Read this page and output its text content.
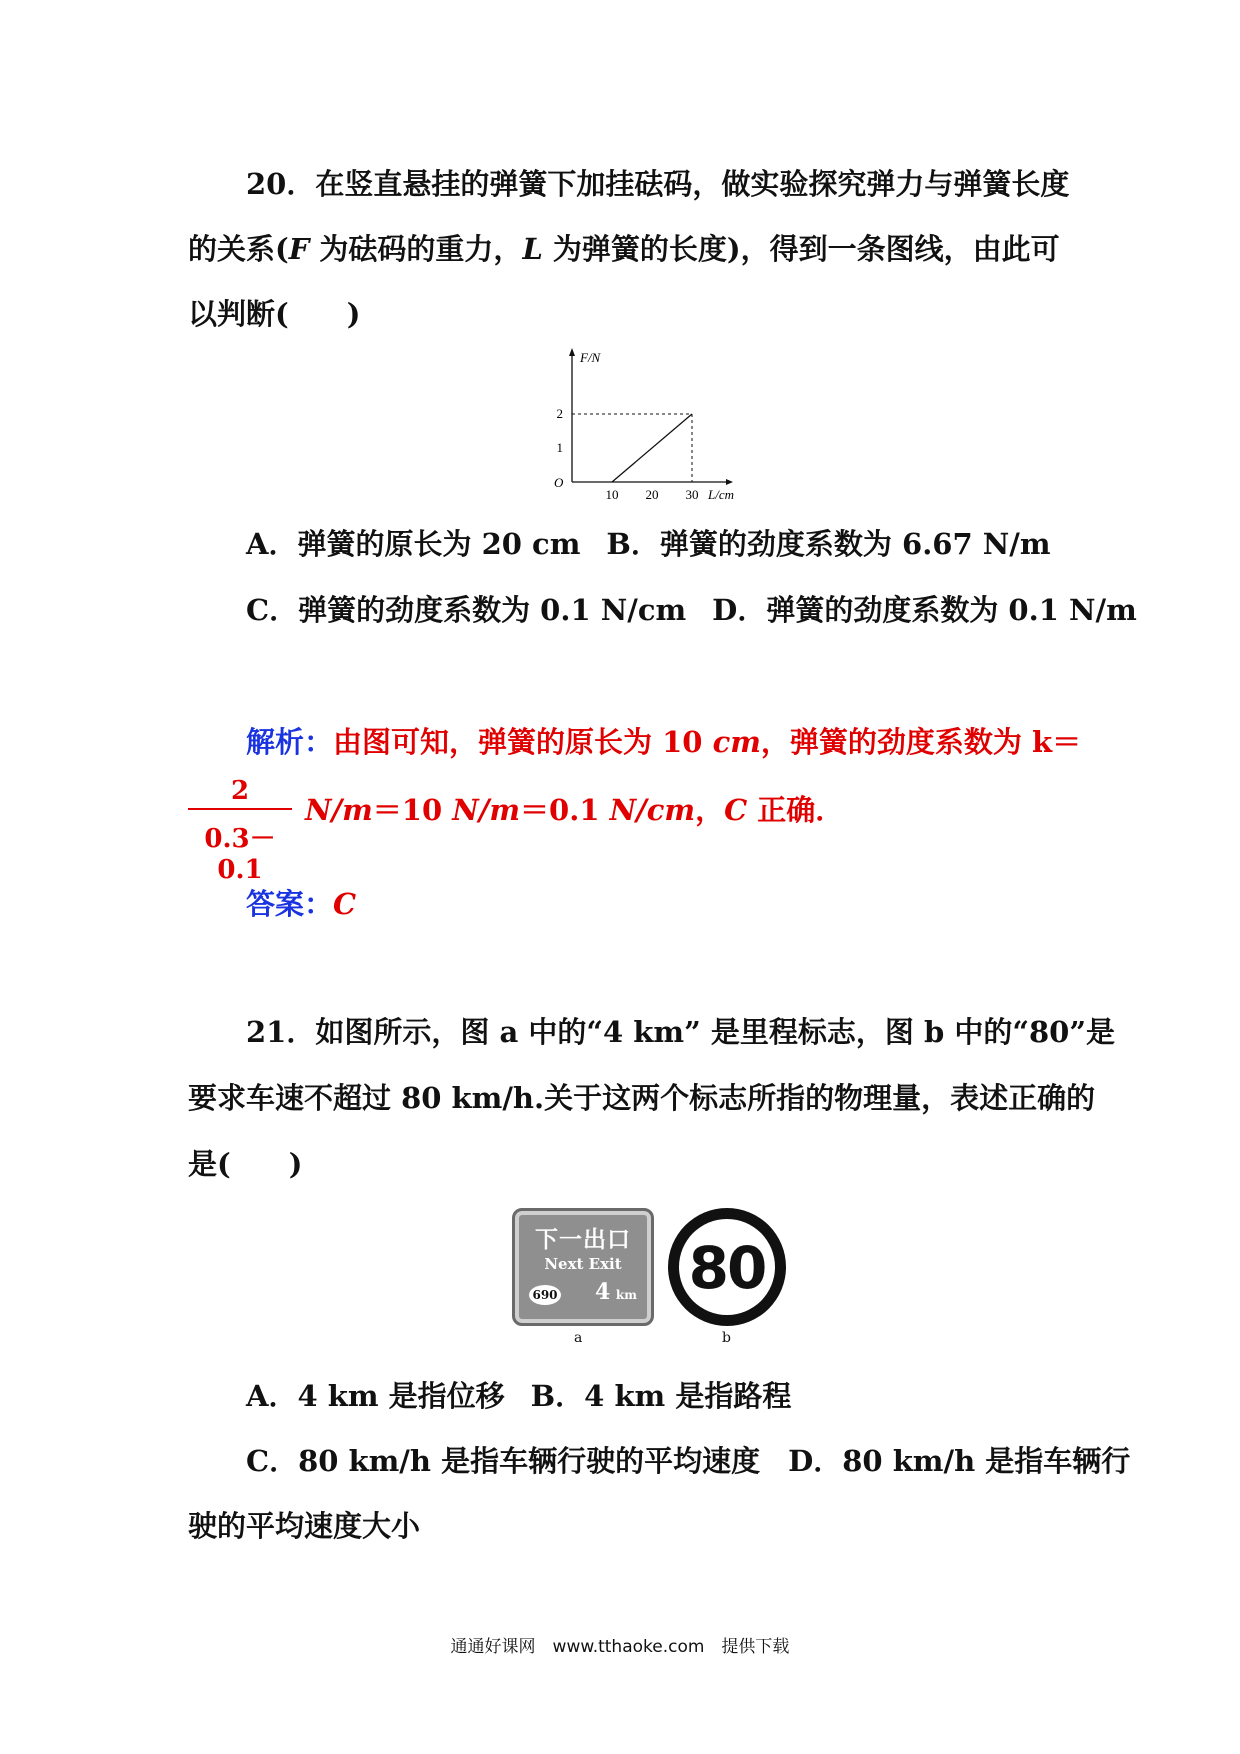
20．在竖直悬挂的弹簧下加挂砝码，做实验探究弹力与弹簧长度
的关系(F 为砝码的重力，L 为弹簧的长度)，得到一条图线，由此可
以判断(　　)
F/N
L/cm
O
10 20 30
1
2
A．弹簧的原长为 20 cm B．弹簧的劲度系数为 6.67 N/m
C．弹簧的劲度系数为 0.1 N/cm D．弹簧的劲度系数为 0.1 N/m
解析：由图可知，弹簧的原长为 10 cm，弹簧的劲度系数为 k＝
2
0.3－0.1
N/m＝10 N/m＝0.1 N/cm，C 正确．
答案：C
21．如图所示，图 a 中的“4 km” 是里程标志，图 b 中的“80”是
要求车速不超过 80 km/h.关于这两个标志所指的物理量，表述正确的
是(　　)
下一出口
Next Exit
690 4 km
a
80
b
A．4 km 是指位移 B．4 km 是指路程
C．80 km/h 是指车辆行驶的平均速度 D．80 km/h 是指车辆行
驶的平均速度大小
通通好课网　www.tthaoke.com　提供下载
